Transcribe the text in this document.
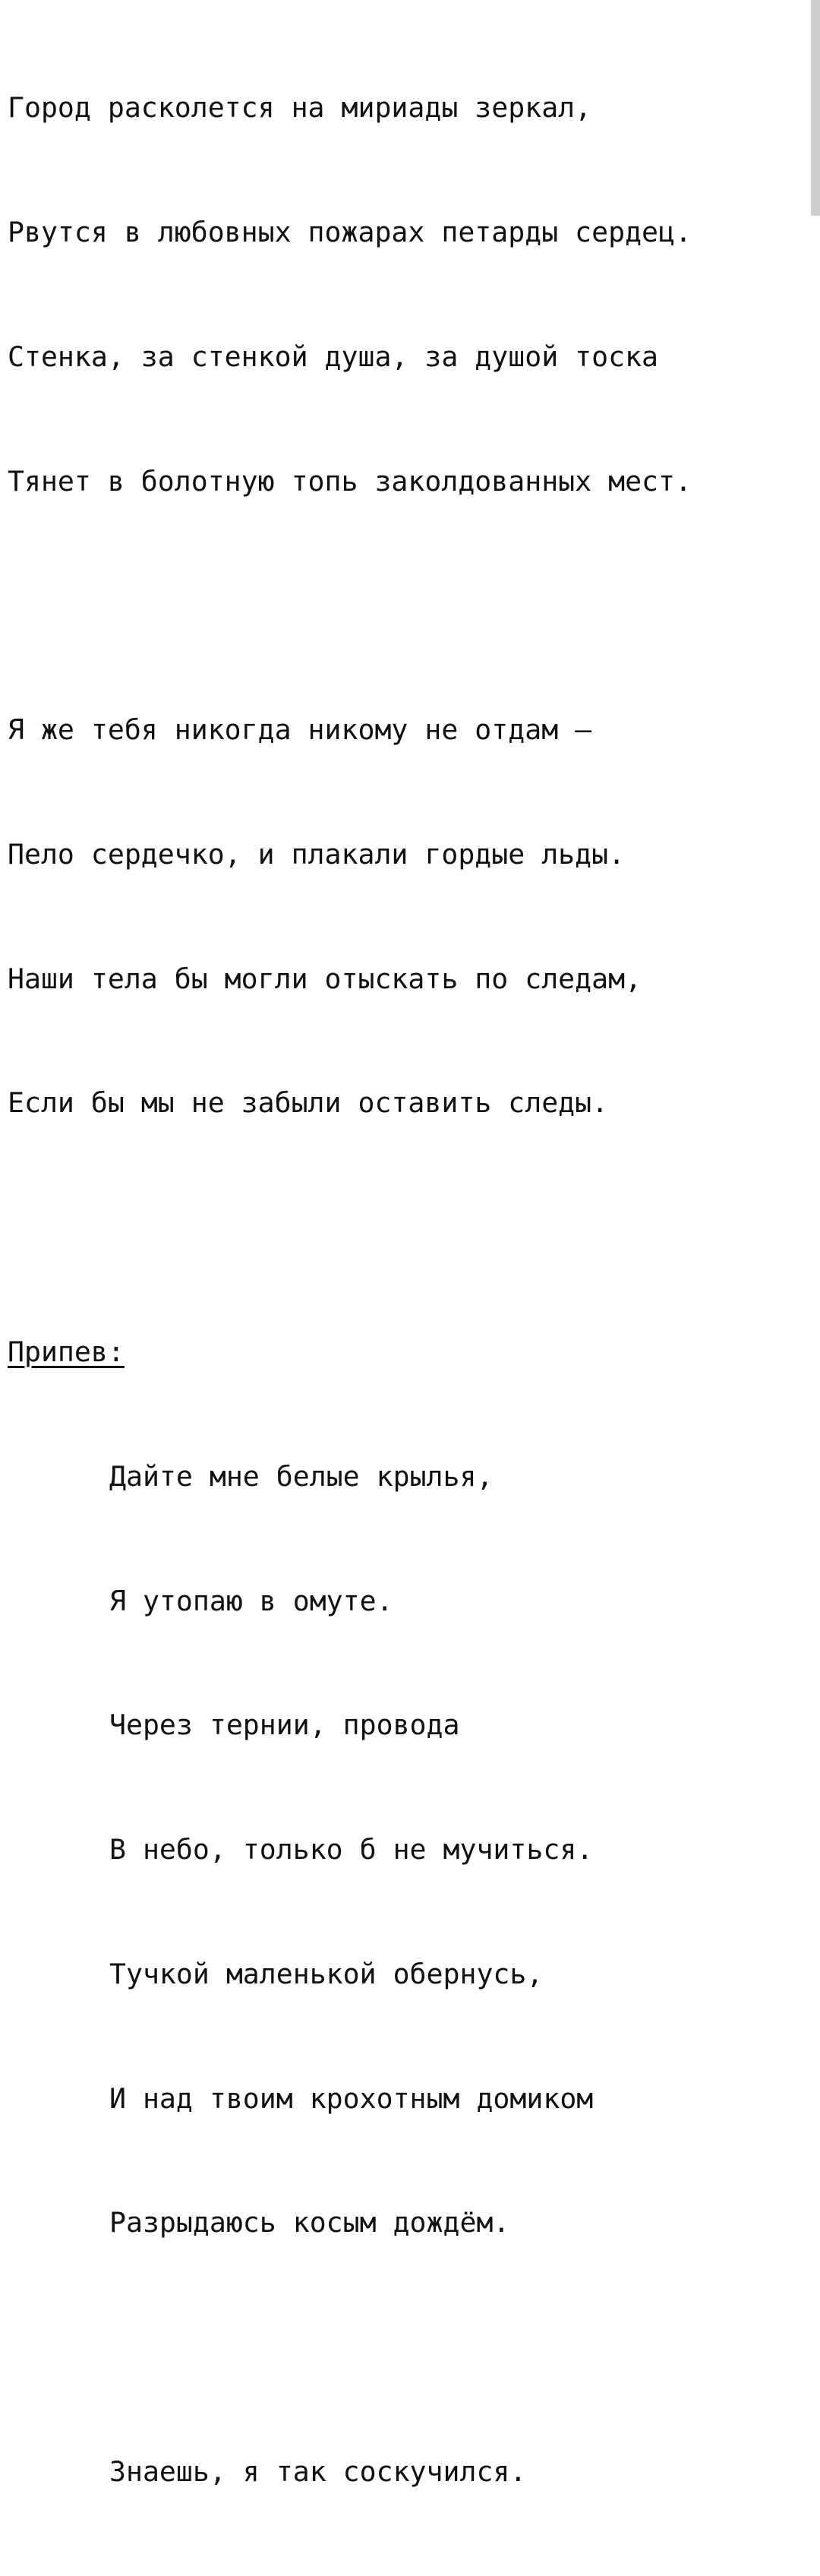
Город расколется на мириады зеркал,

Рвутся в любовных пожарах петарды сердец.

Стенка, за стенкой душа, за душой тоска

Тянет в болотную топь заколдованных мест.

Я же тебя никогда никому не отдам –

Пело сердечко, и плакали гордые льды.

Наши тела бы могли отыскать по следам,

Если бы мы не забыли оставить следы.

Припев:

Дайте мне белые крылья,

Я утопаю в омуте.

Через тернии, провода

В небо, только б не мучиться.

Тучкой маленькой обернусь,

И над твоим крохотным домиком

Разрыдаюсь косым дождём.

Знаешь, я так соскучился.
